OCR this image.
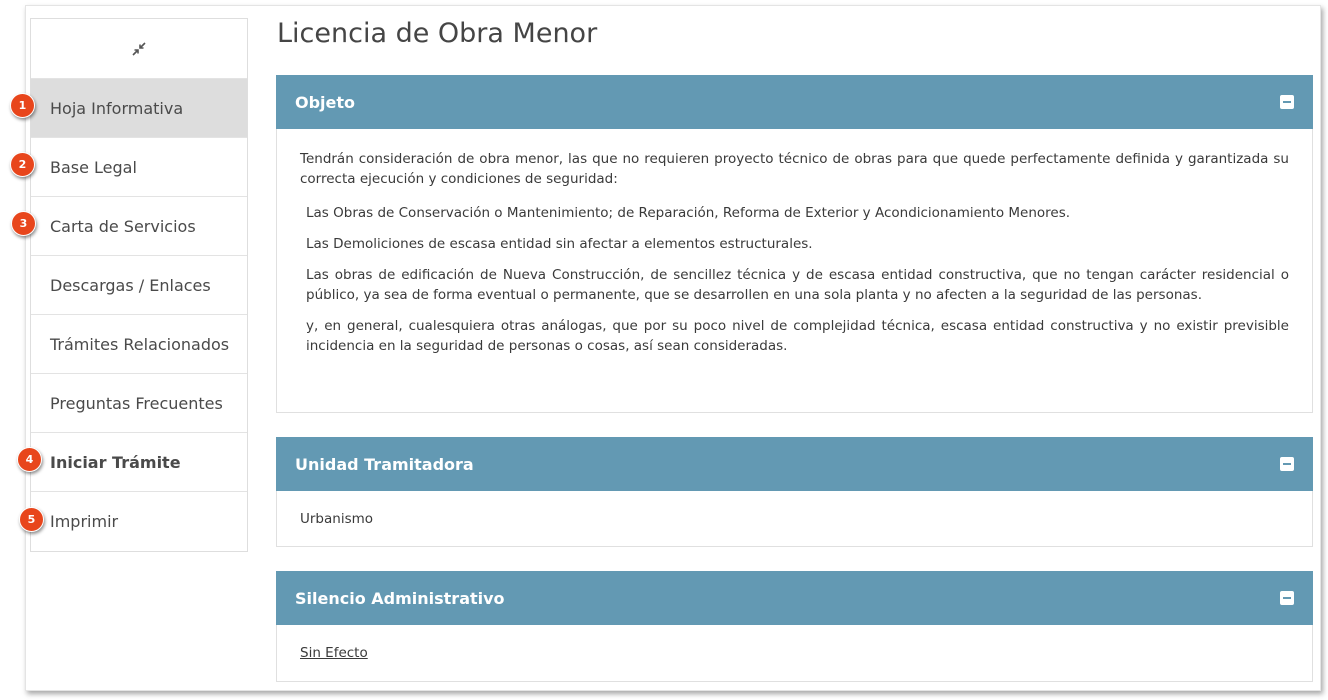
Hoja Informativa
Base Legal
Carta de Servicios
Descargas / Enlaces
Trámites Relacionados
Preguntas Frecuentes
Iniciar Trámite
Imprimir
1
2
3
4
5
Licencia de Obra Menor
Objeto

Tendrán consideración de obra menor, las que no requieren proyecto técnico de obras para que quede perfectamente definida y garantizada su correcta ejecución y condiciones de seguridad:

Las Obras de Conservación o Mantenimiento; de Reparación, Reforma de Exterior y Acondicionamiento Menores.

Las Demoliciones de escasa entidad sin afectar a elementos estructurales.

Las obras de edificación de Nueva Construcción, de sencillez técnica y de escasa entidad constructiva, que no tengan carácter residencial o público, ya sea de forma eventual o permanente, que se desarrollen en una sola planta y no afecten a la seguridad de las personas.

y, en general, cualesquiera otras análogas, que por su poco nivel de complejidad técnica, escasa entidad constructiva y no existir previsible incidencia en la seguridad de personas o cosas, así sean consideradas.

Unidad Tramitadora

Urbanismo

Silencio Administrativo

Sin Efecto
